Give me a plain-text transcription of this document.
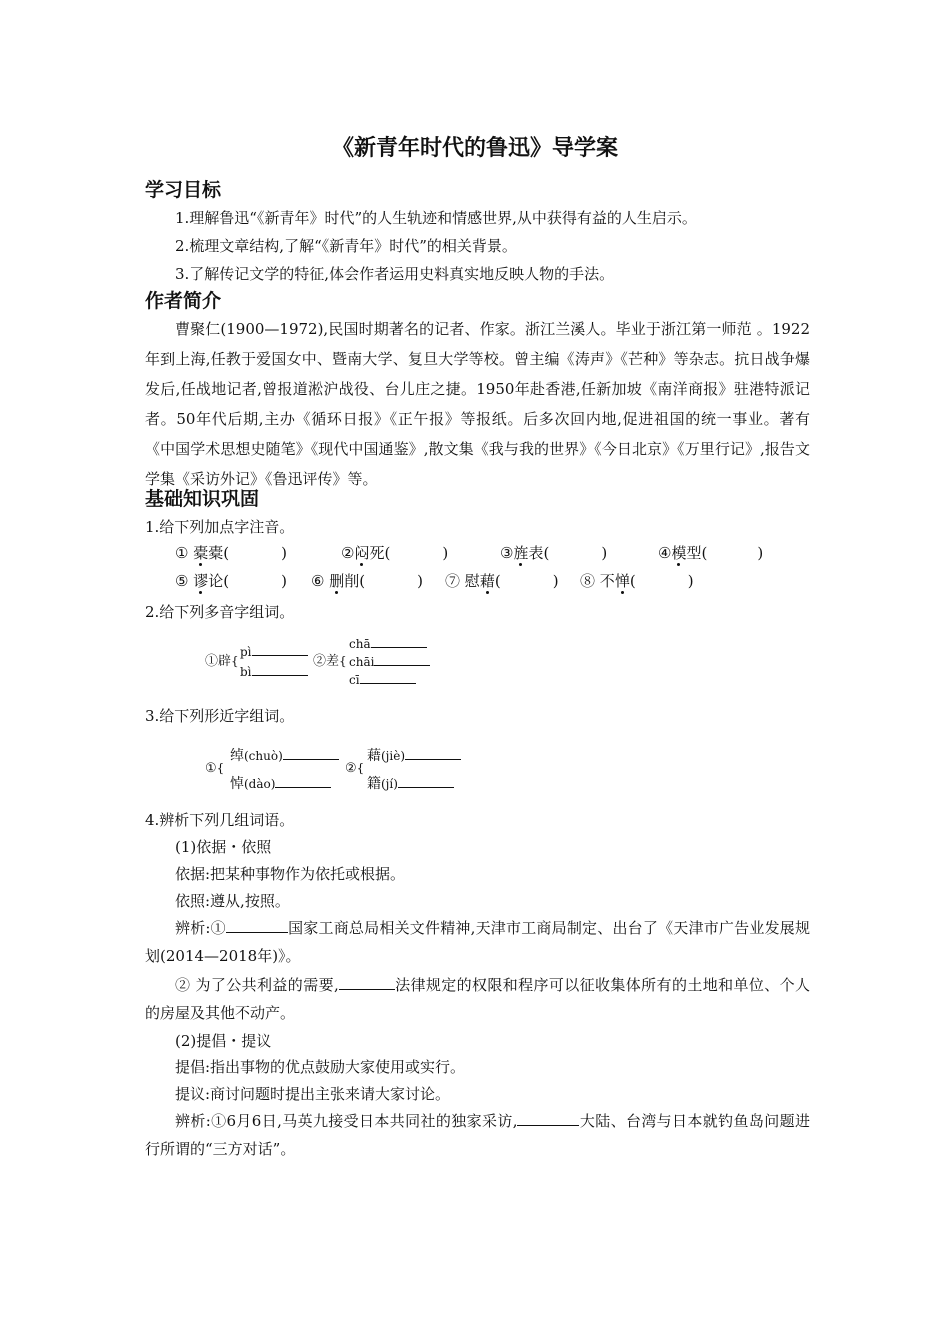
《新青年时代的鲁迅》导学案
学习目标
1.理解鲁迅“《新青年》时代”的人生轨迹和情感世界,从中获得有益的人生启示。
2.梳理文章结构,了解“《新青年》时代”的相关背景。
3.了解传记文学的特征,体会作者运用史料真实地反映人物的手法。
作者简介
曹聚仁(1900—1972),民国时期著名的记者、作家。浙江兰溪人。毕业于浙江第一师范 。1922年到上海,任教于爱国女中、暨南大学、复旦大学等校。曾主编《涛声》《芒种》等杂志。抗日战争爆发后,任战地记者,曾报道淞沪战役、台儿庄之捷。1950年赴香港,任新加坡《南洋商报》驻港特派记者。50年代后期,主办《循环日报》《正午报》等报纸。后多次回内地,促进祖国的统一事业。著有《中国学术思想史随笔》《现代中国通鉴》,散文集《我与我的世界》《今日北京》《万里行记》,报告文学集《采访外记》《鲁迅评传》等。
基础知识巩固
1.给下列加点字注音。
① 橐橐(	)	②闷死(	)	③旌表(	)	④模型(	)
⑤ 谬论(	) ⑥ 删削(	) ⑦ 慰藉(	) ⑧ 不惮(	)
2.给下列多音字组词。
①辟{
pì
bì
②差{
chā
chāi
cī
3.给下列形近字组词。
①{
绰(chuò)
悼(dào)
②{
藉(jiè)
籍(jí)
4.辨析下列几组词语。
(1)依据・依照
依据:把某种事物作为依托或根据。
依照:遵从,按照。
辨析:①	国家工商总局相关文件精神,天津市工商局制定、出台了《天津市广告业发展规划(2014—2018年)》。
② 为了公共利益的需要,	法律规定的权限和程序可以征收集体所有的土地和单位、个人的房屋及其他不动产。
(2)提倡・提议
提倡:指出事物的优点鼓励大家使用或实行。
提议:商讨问题时提出主张来请大家讨论。
辨析:①6月6日,马英九接受日本共同社的独家采访,	大陆、台湾与日本就钓鱼岛问题进行所谓的“三方对话”。
